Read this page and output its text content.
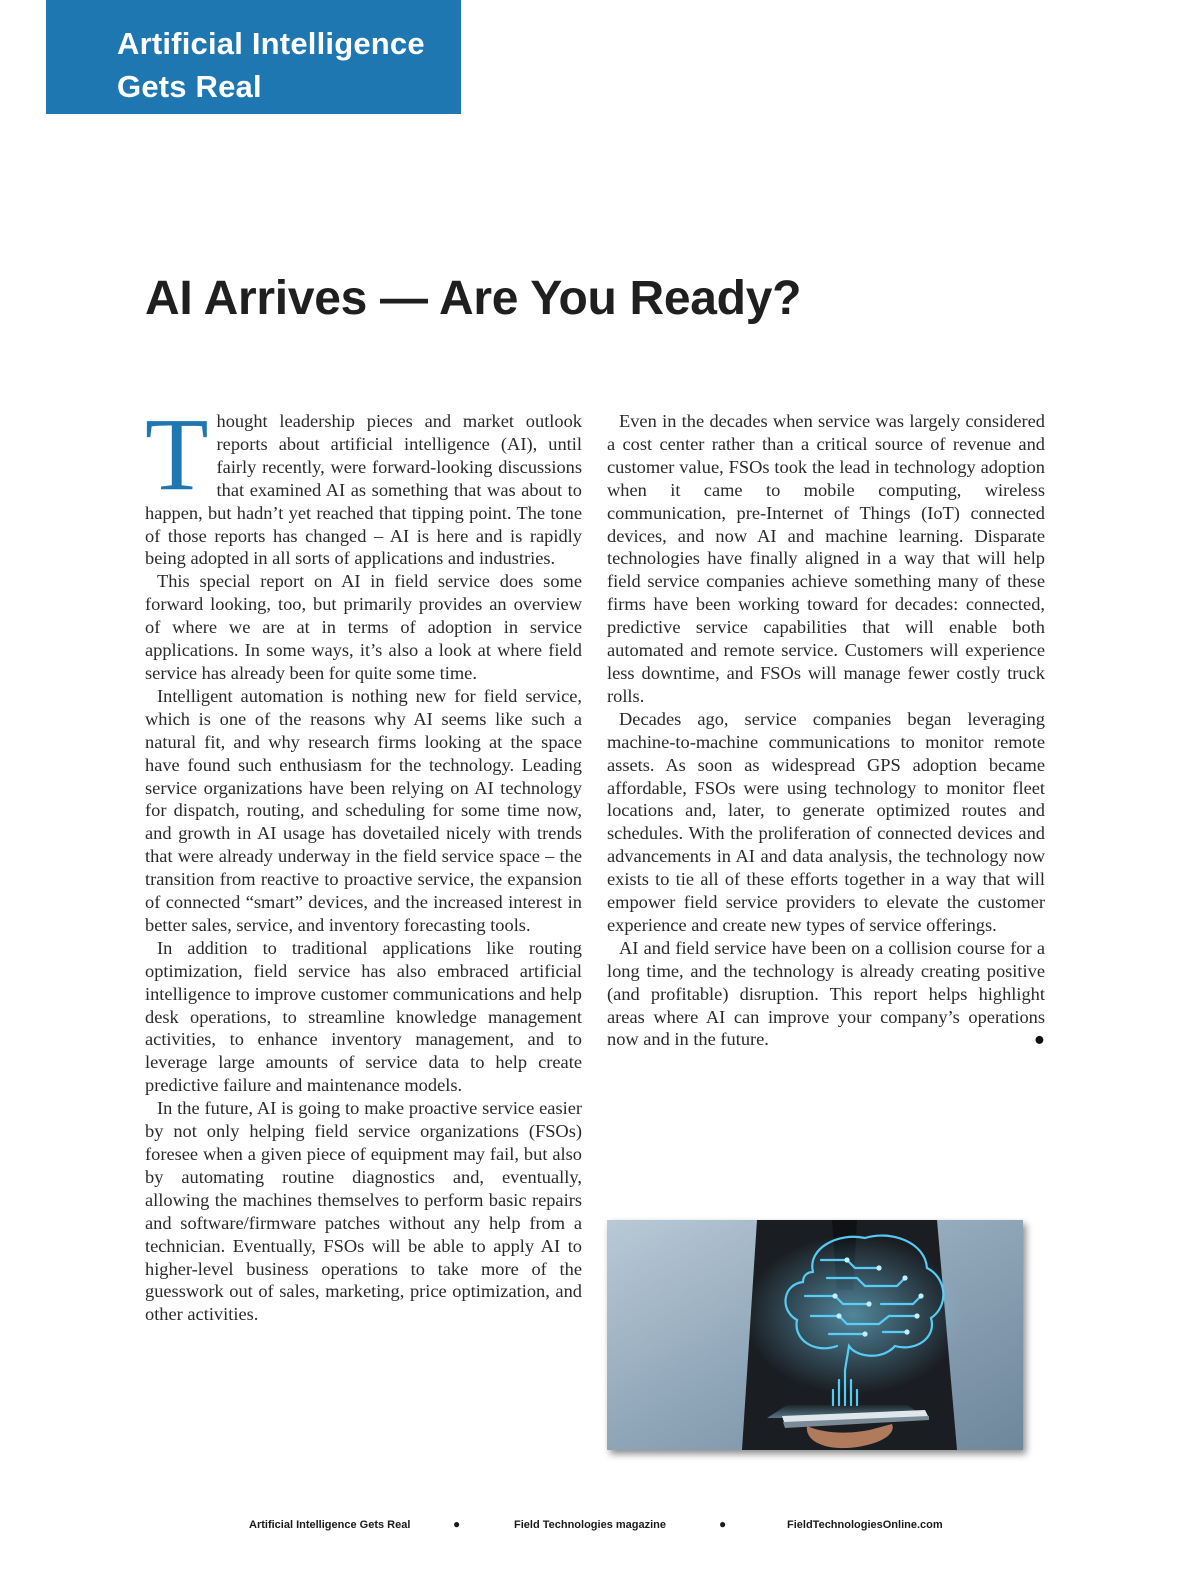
Artificial Intelligence
Gets Real
AI Arrives — Are You Ready?

Thought leadership pieces and market outlook reports about artificial intelligence (AI), until fairly recently, were forward-looking discussions that examined AI as something that was about to happen, but hadn’t yet reached that tipping point. The tone of those reports has changed – AI is here and is rapidly being adopted in all sorts of applications and industries.

This special report on AI in field service does some forward looking, too, but primarily provides an overview of where we are at in terms of adoption in service applications. In some ways, it’s also a look at where field service has already been for quite some time.

Intelligent automation is nothing new for field service, which is one of the reasons why AI seems like such a natural fit, and why research firms looking at the space have found such enthusiasm for the technology. Leading service organizations have been relying on AI technology for dispatch, routing, and scheduling for some time now, and growth in AI usage has dovetailed nicely with trends that were already underway in the field service space – the transition from reactive to proactive service, the expansion of connected “smart” devices, and the increased interest in better sales, service, and inventory forecasting tools.

In addition to traditional applications like routing optimization, field service has also embraced artificial intelligence to improve customer communications and help desk operations, to streamline knowledge management activities, to enhance inventory management, and to leverage large amounts of service data to help create predictive failure and maintenance models.

In the future, AI is going to make proactive service easier by not only helping field service organizations (FSOs) foresee when a given piece of equipment may fail, but also by automating routine diagnostics and, eventually, allowing the machines themselves to perform basic repairs and software/firmware patches without any help from a technician. Eventually, FSOs will be able to apply AI to higher-level business operations to take more of the guesswork out of sales, marketing, price optimization, and other activities.

Even in the decades when service was largely considered a cost center rather than a critical source of revenue and customer value, FSOs took the lead in technology adoption when it came to mobile computing, wireless communication, pre-Internet of Things (IoT) connected devices, and now AI and machine learning. Disparate technologies have finally aligned in a way that will help field service companies achieve something many of these firms have been working toward for decades: connected, predictive service capabilities that will enable both automated and remote service. Customers will experience less downtime, and FSOs will manage fewer costly truck rolls.

Decades ago, service companies began leveraging machine-to-machine communications to monitor remote assets. As soon as widespread GPS adoption became affordable, FSOs were using technology to monitor fleet locations and, later, to generate optimized routes and schedules. With the proliferation of connected devices and advancements in AI and data analysis, the technology now exists to tie all of these efforts together in a way that will empower field service providers to elevate the customer experience and create new types of service offerings.

AI and field service have been on a collision course for a long time, and the technology is already creating positive (and profitable) disruption. This report helps highlight areas where AI can improve your company’s operations now and in the future.	●

Artificial Intelligence Gets Real	●	Field Technologies magazine	●	FieldTechnologiesOnline.com
